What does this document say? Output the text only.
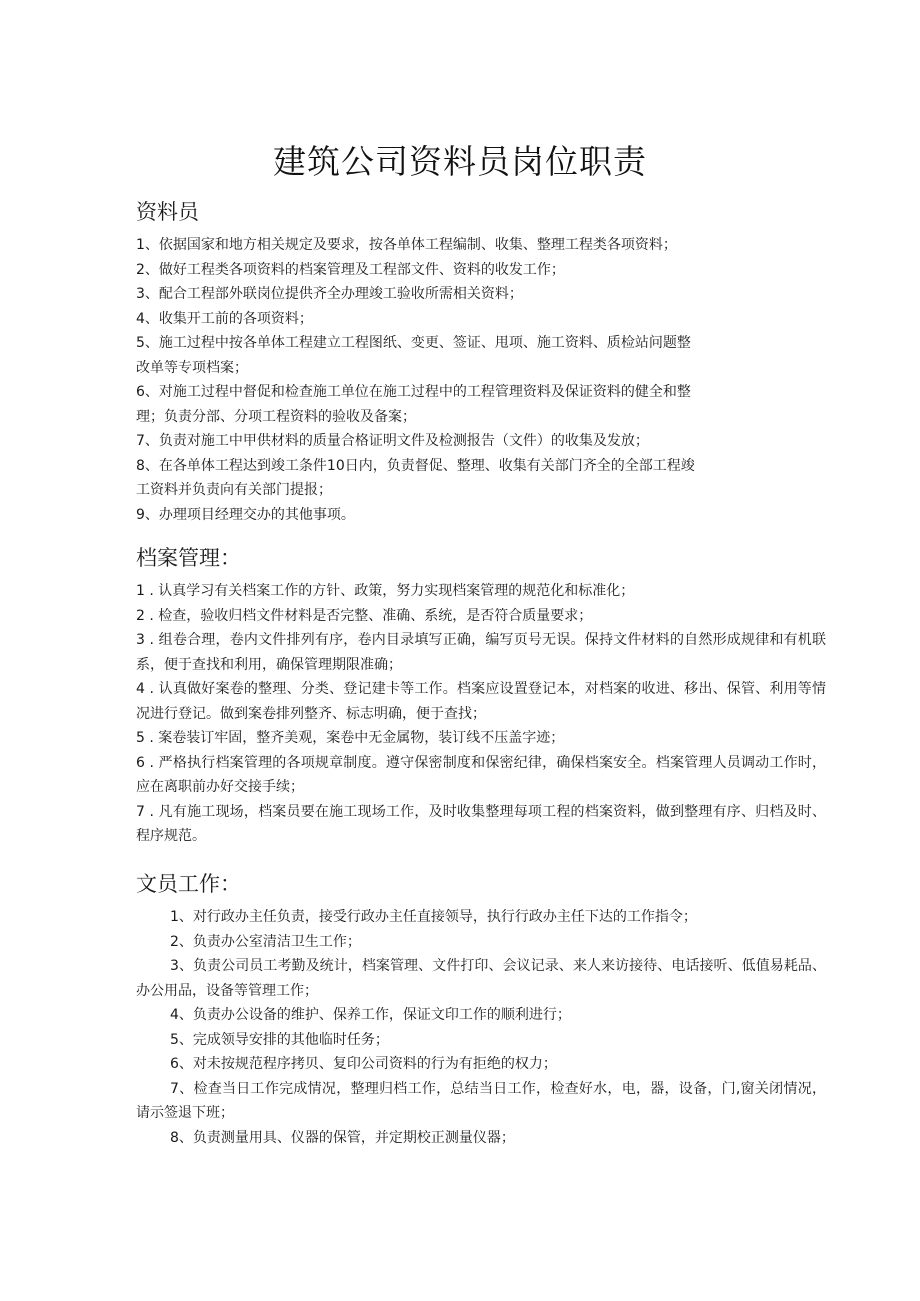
建筑公司资料员岗位职责
资料员

1、依据国家和地方相关规定及要求，按各单体工程编制、收集、整理工程类各项资料；

2、做好工程类各项资料的档案管理及工程部文件、资料的收发工作；

3、配合工程部外联岗位提供齐全办理竣工验收所需相关资料；

4、收集开工前的各项资料；

5、施工过程中按各单体工程建立工程图纸、变更、签证、甩项、施工资料、质检站问题整

改单等专项档案；

6、对施工过程中督促和检查施工单位在施工过程中的工程管理资料及保证资料的健全和整

理；负责分部、分项工程资料的验收及备案；

7、负责对施工中甲供材料的质量合格证明文件及检测报告（文件）的收集及发放；

8、在各单体工程达到竣工条件10日内，负责督促、整理、收集有关部门齐全的全部工程竣

工资料并负责向有关部门提报；

9、办理项目经理交办的其他事项。

档案管理：

1 . 认真学习有关档案工作的方针、政策，努力实现档案管理的规范化和标准化；

2 . 检查，验收归档文件材料是否完整、准确、系统，是否符合质量要求；

3 . 组卷合理，卷内文件排列有序，卷内目录填写正确，编写页号无误。保持文件材料的自然形成规律和有机联系，便于查找和利用，确保管理期限准确；

4 . 认真做好案卷的整理、分类、登记建卡等工作。档案应设置登记本，对档案的收进、移出、保管、利用等情况进行登记。做到案卷排列整齐、标志明确，便于查找；

5 . 案卷装订牢固，整齐美观，案卷中无金属物，装订线不压盖字迹；

6 . 严格执行档案管理的各项规章制度。遵守保密制度和保密纪律，确保档案安全。档案管理人员调动工作时，应在离职前办好交接手续；

7 . 凡有施工现场，档案员要在施工现场工作，及时收集整理每项工程的档案资料，做到整理有序、归档及时、程序规范。

文员工作：

1、对行政办主任负责，接受行政办主任直接领导，执行行政办主任下达的工作指令；

2、负责办公室清洁卫生工作；

3、负责公司员工考勤及统计，档案管理、文件打印、会议记录、来人来访接待、电话接听、低值易耗品、办公用品，设备等管理工作；

4、负责办公设备的维护、保养工作，保证文印工作的顺利进行；

5、完成领导安排的其他临时任务；

6、对未按规范程序拷贝、复印公司资料的行为有拒绝的权力；

7、检查当日工作完成情况，整理归档工作，总结当日工作，检查好水，电，器，设备，门,窗关闭情况，请示签退下班；

8、负责测量用具、仪器的保管，并定期校正测量仪器；
